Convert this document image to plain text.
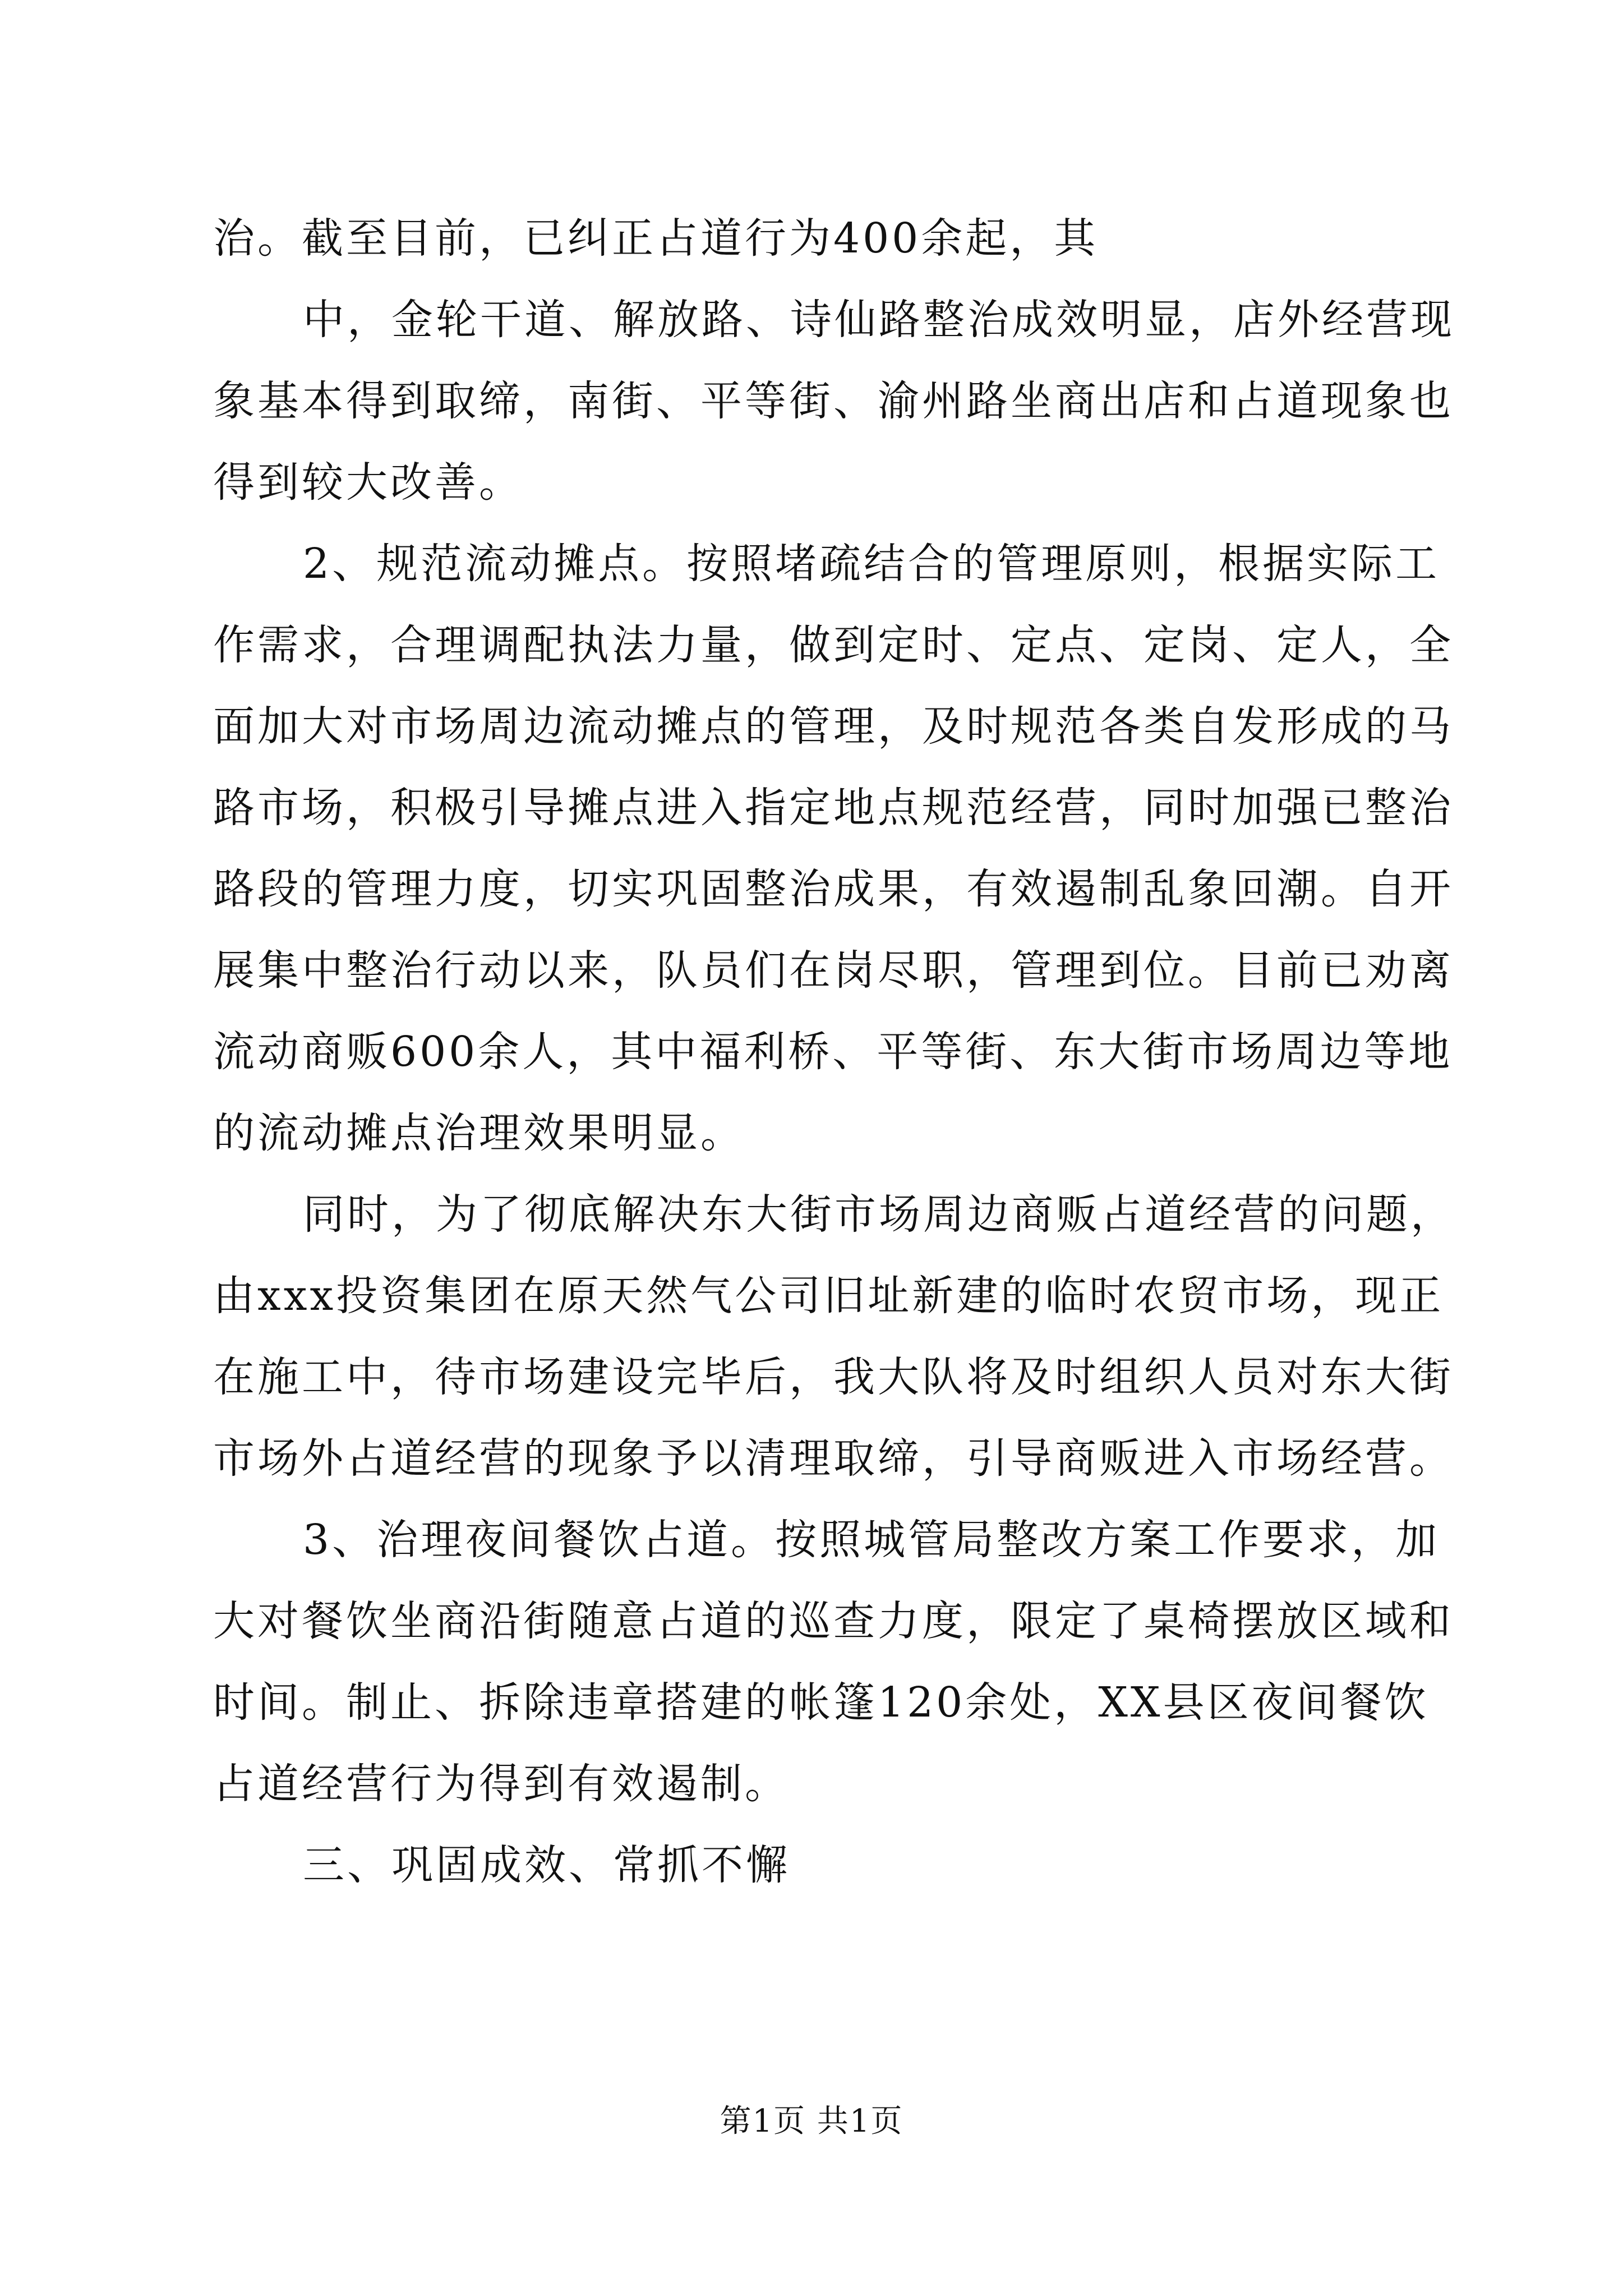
治。截至目前，已纠正占道行为400余起，其
中，金轮干道、解放路、诗仙路整治成效明显，店外经营现
象基本得到取缔，南街、平等街、渝州路坐商出店和占道现象也
得到较大改善。
2、规范流动摊点。按照堵疏结合的管理原则，根据实际工
作需求，合理调配执法力量，做到定时、定点、定岗、定人，全
面加大对市场周边流动摊点的管理，及时规范各类自发形成的马
路市场，积极引导摊点进入指定地点规范经营，同时加强已整治
路段的管理力度，切实巩固整治成果，有效遏制乱象回潮。自开
展集中整治行动以来，队员们在岗尽职，管理到位。目前已劝离
流动商贩600余人，其中福利桥、平等街、东大街市场周边等地
的流动摊点治理效果明显。
同时，为了彻底解决东大街市场周边商贩占道经营的问题，
由xxx投资集团在原天然气公司旧址新建的临时农贸市场，现正
在施工中，待市场建设完毕后，我大队将及时组织人员对东大街
市场外占道经营的现象予以清理取缔，引导商贩进入市场经营。
3、治理夜间餐饮占道。按照城管局整改方案工作要求，加
大对餐饮坐商沿街随意占道的巡查力度，限定了桌椅摆放区域和
时间。制止、拆除违章搭建的帐篷120余处，XX县区夜间餐饮
占道经营行为得到有效遏制。
三、巩固成效、常抓不懈
第1页 共1页
